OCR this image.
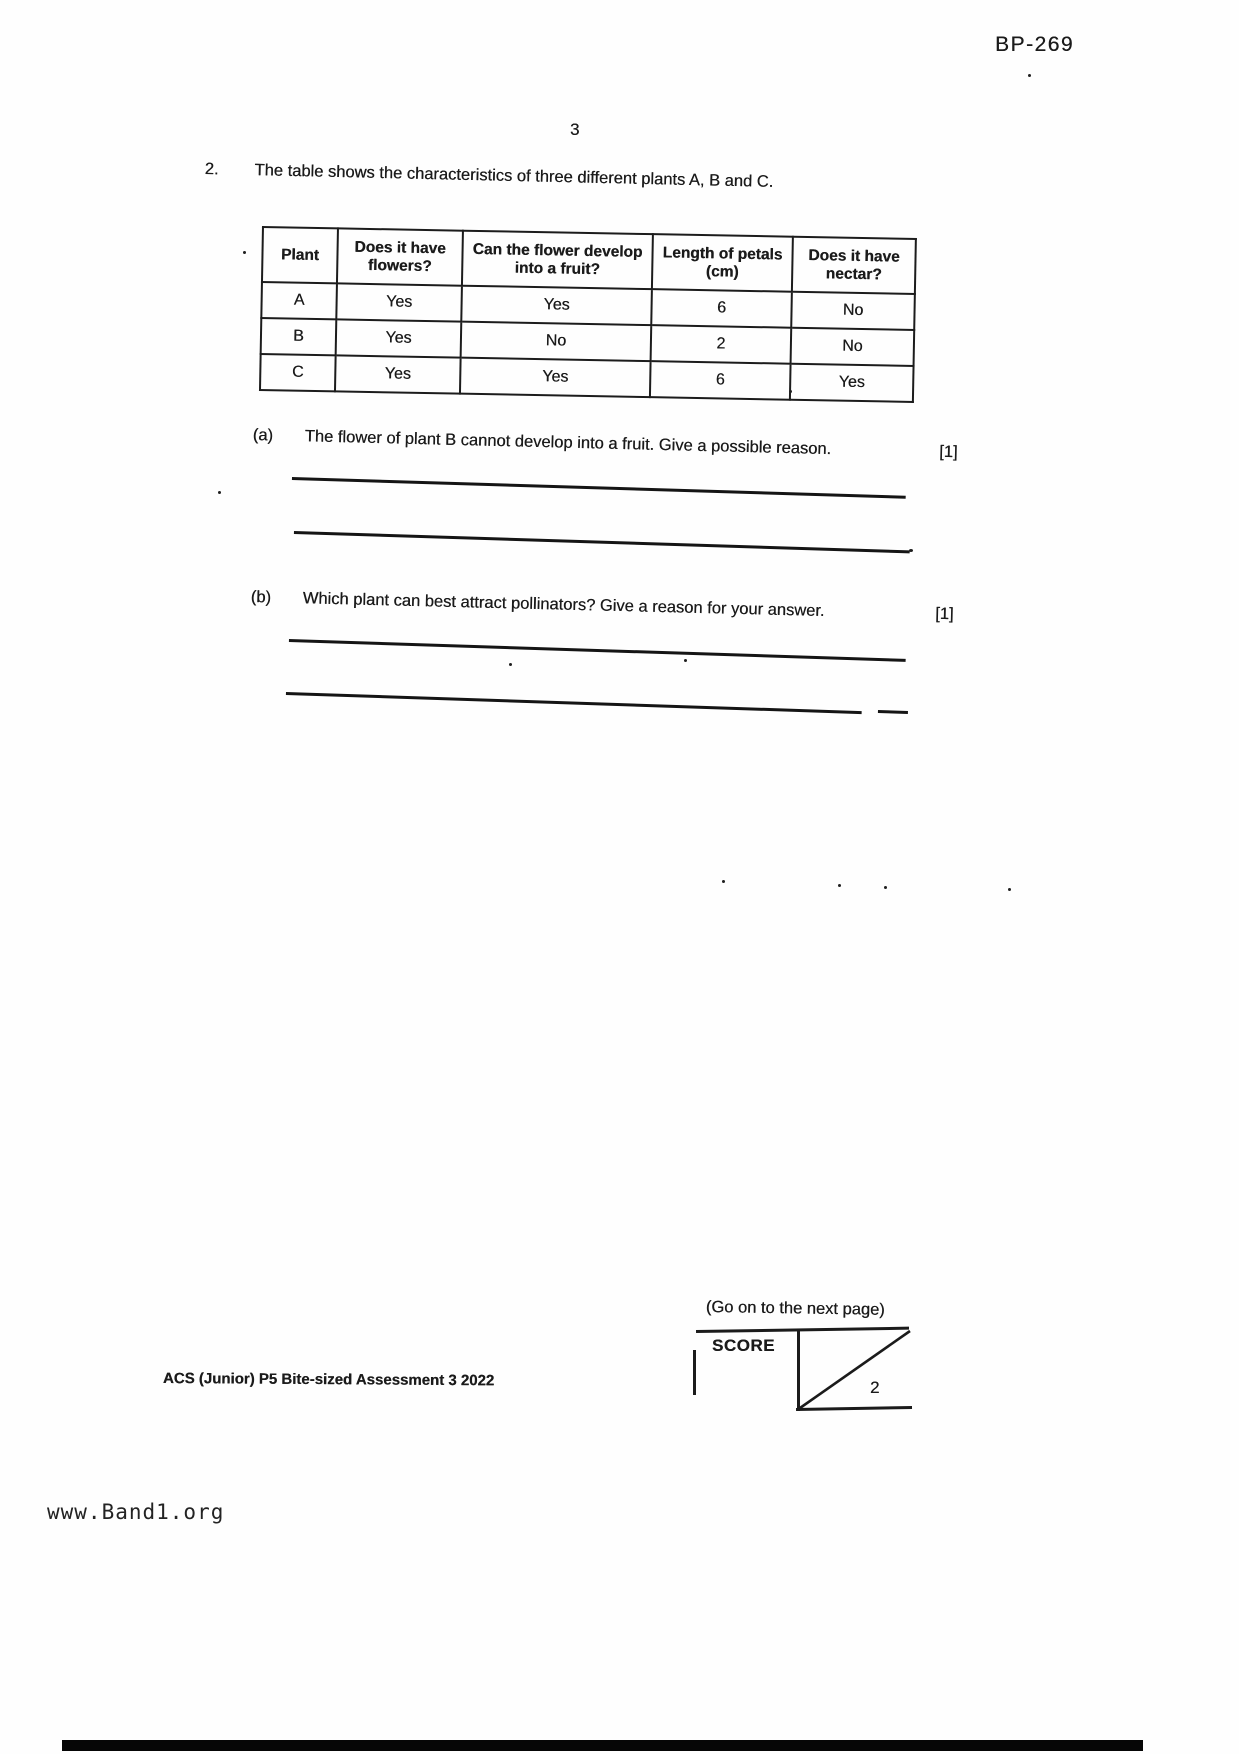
BP-269
3
2. The table shows the characteristics of three different plants A, B and C.
Plant	Does it have flowers?	Can the flower develop into a fruit?	Length of petals (cm)	Does it have nectar?
A	Yes	Yes	6	No
B	Yes	No	2	No
C	Yes	Yes	6	Yes
(a)	The flower of plant B cannot develop into a fruit. Give a possible reason.	[1]
(b)	Which plant can best attract pollinators? Give a reason for your answer.	[1]
(Go on to the next page)
SCORE
2
ACS (Junior) P5 Bite-sized Assessment 3 2022
www.Band1.org
